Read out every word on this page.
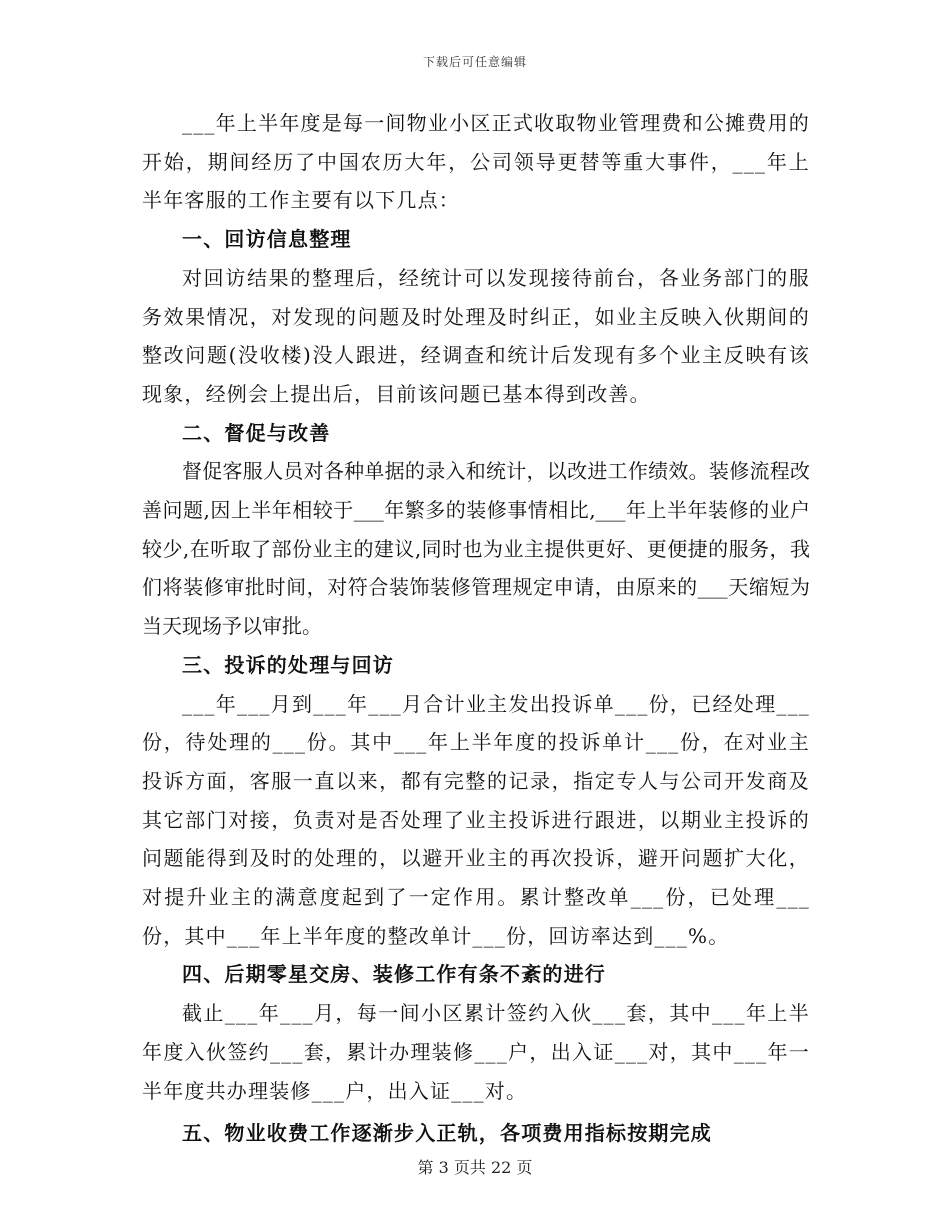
下载后可任意编辑

___年上半年度是每一间物业小区正式收取物业管理费和公摊费用的开始，期间经历了中国农历大年，公司领导更替等重大事件，___年上半年客服的工作主要有以下几点：

一、回访信息整理

对回访结果的整理后，经统计可以发现接待前台，各业务部门的服务效果情况，对发现的问题及时处理及时纠正，如业主反映入伙期间的整改问题(没收楼)没人跟进，经调查和统计后发现有多个业主反映有该现象，经例会上提出后，目前该问题已基本得到改善。

二、督促与改善

督促客服人员对各种单据的录入和统计，以改进工作绩效。装修流程改善问题,因上半年相较于___年繁多的装修事情相比,___年上半年装修的业户较少,在听取了部份业主的建议,同时也为业主提供更好、更便捷的服务，我们将装修审批时间，对符合装饰装修管理规定申请，由原来的___天缩短为当天现场予以审批。

三、投诉的处理与回访

___年___月到___年___月合计业主发出投诉单___份，已经处理___份，待处理的___份。其中___年上半年度的投诉单计___份，在对业主投诉方面，客服一直以来，都有完整的记录，指定专人与公司开发商及其它部门对接，负责对是否处理了业主投诉进行跟进，以期业主投诉的问题能得到及时的处理的，以避开业主的再次投诉，避开问题扩大化，对提升业主的满意度起到了一定作用。累计整改单___份，已处理___份，其中___年上半年度的整改单计___份，回访率达到___%。

四、后期零星交房、装修工作有条不紊的进行

截止___年___月，每一间小区累计签约入伙___套，其中___年上半年度入伙签约___套，累计办理装修___户，出入证___对，其中___年一半年度共办理装修___户，出入证___对。

五、物业收费工作逐渐步入正轨，各项费用指标按期完成

第 3 页共 22 页
